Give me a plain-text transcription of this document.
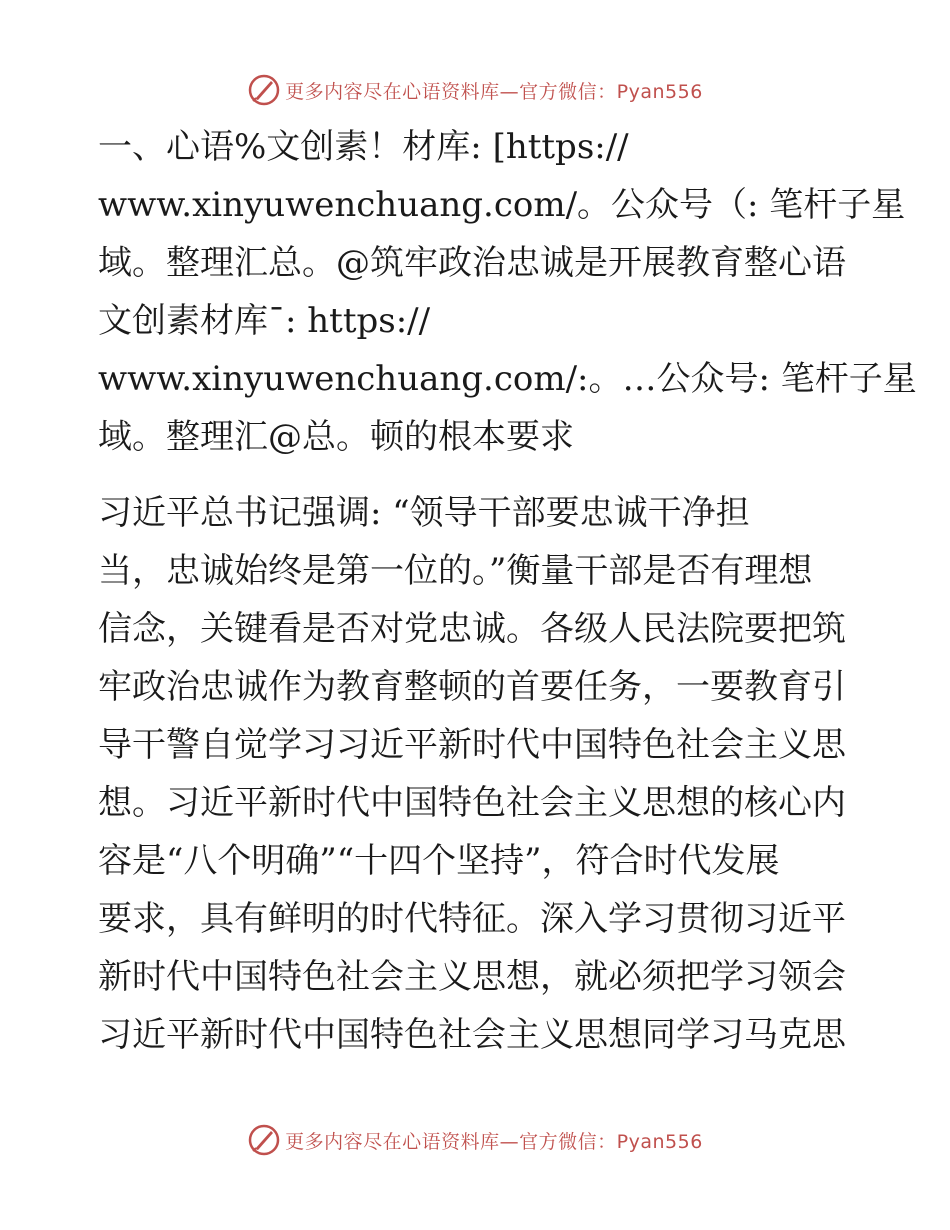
更多内容尽在心语资料库—官方微信：Pyan556
一、心语%文创素！材库: [https://
www.xinyuwenchuang.com/。公众号（: 笔杆子星
域。整理汇总。@筑牢政治忠诚是开展教育整心语
文创素材库¯: https://
www.xinyuwenchuang.com/:。…公众号: 笔杆子星
域。整理汇@总。顿的根本要求
习近平总书记强调: “领导干部要忠诚干净担
当，忠诚始终是第一位的。”衡量干部是否有理想
信念，关键看是否对党忠诚。各级人民法院要把筑
牢政治忠诚作为教育整顿的首要任务，一要教育引
导干警自觉学习习近平新时代中国特色社会主义思
想。习近平新时代中国特色社会主义思想的核心内
容是“八个明确”“十四个坚持”，符合时代发展
要求，具有鲜明的时代特征。深入学习贯彻习近平
新时代中国特色社会主义思想，就必须把学习领会
习近平新时代中国特色社会主义思想同学习马克思
更多内容尽在心语资料库—官方微信：Pyan556
